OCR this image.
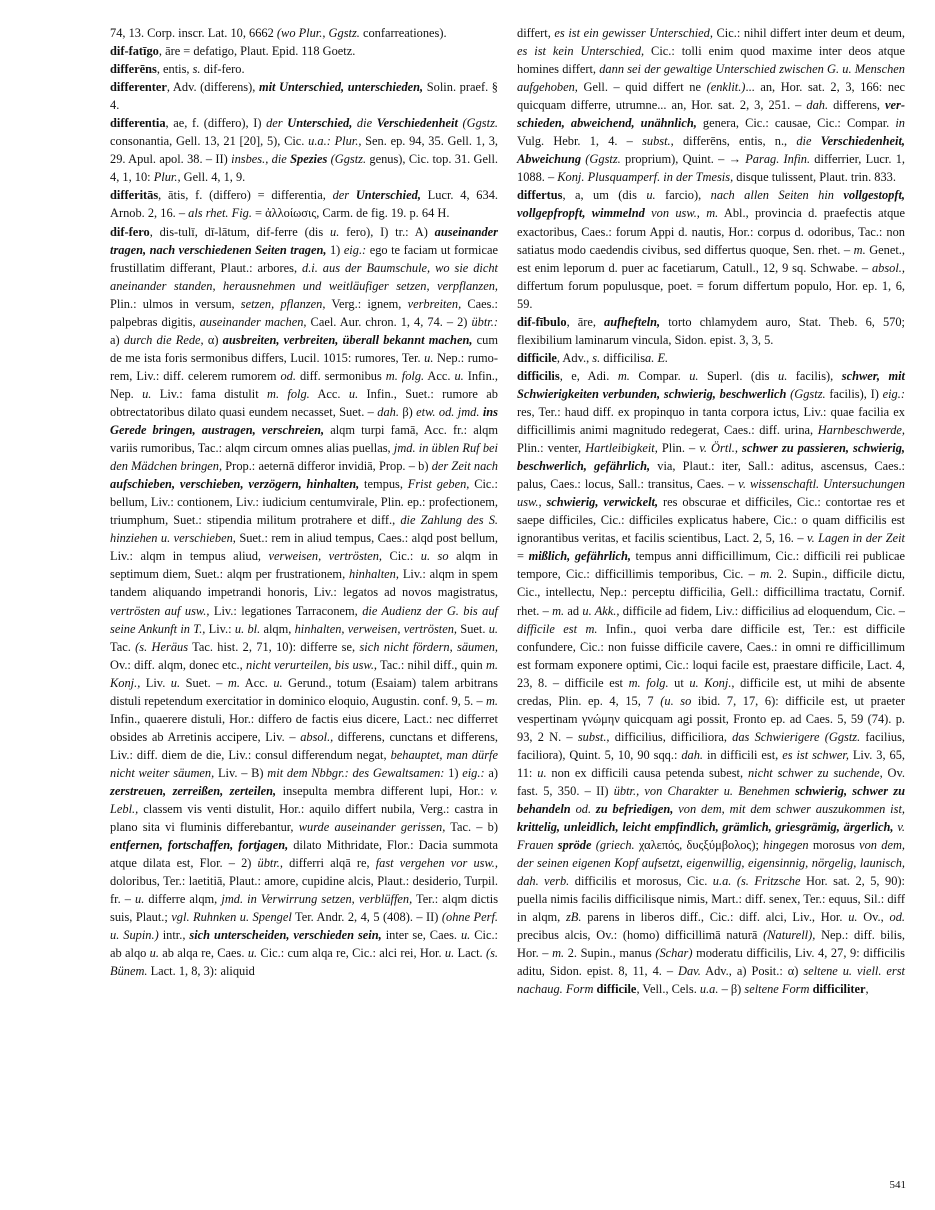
74, 13. Corp. inscr. Lat. 10, 6662 (wo Plur., Ggstz. confarreationes).

dif-fatīgo, āre = defatigo, Plaut. Epid. 118 Goetz.

differēns, entis, s. dif-fero.

differenter, Adv. (differens), mit Unterschied, unterschieden, Solin. praef. § 4.

differentia, ae, f. (differo), I) der Unterschied, die Verschiedenheit (Ggstz. consonantia, Gell. 13, 21 [20], 5), Cic. u.a.: Plur., Sen. ep. 94, 35. Gell. 1, 3, 29. Apul. apol. 38. – II) insbes., die Spezies (Ggstz. genus), Cic. top. 31. Gell. 4, 1, 10: Plur., Gell. 4, 1, 9.

differitās, ātis, f. (differo) = differentia, der Unterschied, Lucr. 4, 634. Arnob. 2, 16. – als rhet. Fig. = ἀλλοίωσις, Carm. de fig. 19. p. 64 H.

dif-fero, dis-tulī, dī-lātum, dif-ferre (dis u. fero), I) tr.: A) auseinander tragen, nach verschiedenen Seiten tragen, 1) eig.: ego te faciam ut formicae frustillatim differant, Plaut.: arbores, d.i. aus der Baumschule, wo sie dicht aneinander standen, herausnehmen und weitläufiger setzen, verpflanzen, Plin.: ulmos in versum, setzen, pflanzen, Verg.: ignem, verbreiten, Caes.: palpebras digitis, auseinander machen, Cael. Aur. chron. 1, 4, 74. – 2) übtr.: a) durch die Rede, α) ausbreiten, verbreiten, überall bekannt machen, cum de me ista foris sermonibus differs, Lucil. 1015: rumores, Ter. u. Nep.: rumorem, Liv.: diff. celerem rumorem od. diff. sermonibus m. folg. Acc. u. Infin., Nep. u. Liv.: fama distulit m. folg. Acc. u. Infin., Suet.: rumore ab obtrectatoribus dilato quasi eundem necasset, Suet. – dah. β) etw. od. jmd. ins Gerede bringen, austragen, verschreien, alqm turpi famā, Acc. fr.: alqm variis rumoribus, Tac.: alqm circum omnes alias puellas, jmd. in üblen Ruf bei den Mädchen bringen, Prop.: aeternā differor invidiā, Prop. – b) der Zeit nach aufschieben, verschieben, verzögern, hinhalten, tempus, Frist geben, Cic.: bellum, Liv.: contionem, Liv.: iudicium centumvirale, Plin. ep.: profectionem, triumphum, Suet.: stipendia militum protrahere et diff., die Zahlung des S. hinziehen u. verschieben, Suet.: rem in aliud tempus, Caes.: alqd post bellum, Liv.: alqm in tempus aliud, verweisen, vertrösten, Cic.: u. so alqm in septimum diem, Suet.: alqm per frustrationem, hinhalten, Liv.: alqm in spem tandem aliquando impetrandi honoris, Liv.: legatos ad novos magistratus, vertrösten auf usw., Liv.: legationes Tarraconem, die Audienz der G. bis auf seine Ankunft in T., Liv.: u. bl. alqm, hinhalten, verweisen, vertrösten, Suet. u. Tac. (s. Heräus Tac. hist. 2, 71, 10): differre se, sich nicht fördern, säumen, Ov.: diff. alqm, donec etc., nicht verurteilen, bis usw., Tac.: nihil diff., quin m. Konj., Liv. u. Suet. – m. Acc. u. Gerund., totum (Esaiam) talem arbitrans distuli repetendum exercitatior in dominico eloquio, Augustin. conf. 9, 5. – m. Infin., quaerere distuli, Hor.: differo de factis eius dicere, Lact.: nec differret obsides ab Arretinis accipere, Liv. – absol., differens, cunctans et differens, Liv.: diff. diem de die, Liv.: consul differendum negat, behauptet, man dürfe nicht weiter säumen, Liv. – B) mit dem Nbbgr.: des Gewaltsamen: 1) eig.: a) zerstreuen, zerreißen, zerteilen, insepulta membra different lupi, Hor.: v. Lebl., classem vis venti distulit, Hor.: aquilo differt nubila, Verg.: castra in plano sita vi fluminis differebantur, wurde auseinander gerissen, Tac. – b) entfernen, fortschaffen, fortjagen, dilato Mithridate, Flor.: Dacia summota atque dilata est, Flor. – 2) übtr., differri alqā re, fast vergehen vor usw., doloribus, Ter.: laetitiā, Plaut.: amore, cupidine alcis, Plaut.: desiderio, Turpil. fr. – u. differre alqm, jmd. in Verwirrung setzen, verblüffen, Ter.: alqm dictis suis, Plaut.; vgl. Ruhnken u. Spengel Ter. Andr. 2, 4, 5 (408). – II) (ohne Perf. u. Supin.) intr., sich unterscheiden, verschieden sein, inter se, Caes. u. Cic.: ab alqo u. ab alqa re, Caes. u. Cic.: cum alqa re, Cic.: alci rei, Hor. u. Lact. (s. Bünem. Lact. 1, 8, 3): aliquid

differt, es ist ein gewisser Unterschied, Cic.: nihil differt inter deum et deum, es ist kein Unterschied, Cic.: tolli enim quod maxime inter deos atque homines differt, dann sei der gewaltige Unterschied zwischen G. u. Menschen aufgehoben, Gell. – quid differt ne (enklit.)... an, Hor. sat. 2, 3, 166: nec quicquam differre, utrumne... an, Hor. sat. 2, 3, 251. – dah. differens, verschieden, abweichend, unähnlich, genera, Cic.: causae, Cic.: Compar. in Vulg. Hebr. 1, 4. – subst., differēns, entis, n., die Verschiedenheit, Abweichung (Ggstz. proprium), Quint. – → Parag. Infin. differrier, Lucr. 1, 1088. – Konj. Plusquamperf. in der Tmesis, disque tulissent, Plaut. trin. 833.

differtus, a, um (dis u. farcio), nach allen Seiten hin vollgestopft, vollgepfropft, wimmelnd von usw., m. Abl., provincia d. praefectis atque exactoribus, Caes.: forum Appi d. nautis, Hor.: corpus d. odoribus, Tac.: non satiatus modo caedendis civibus, sed differtus quoque, Sen. rhet. – m. Genet., est enim leporum d. puer ac facetiarum, Catull., 12, 9 sq. Schwabe. – absol., differtum forum populusque, poet. = forum differtum populo, Hor. ep. 1, 6, 59.

dif-fībulo, āre, aufhefteln, torto chlamydem auro, Stat. Theb. 6, 570; flexibilium laminarum vincula, Sidon. epist. 3, 3, 5.

difficile, Adv., s. difficilisa. E.

difficilis, e, Adi. m. Compar. u. Superl. (dis u. facilis), schwer, mit Schwierigkeiten verbunden, schwierig, beschwerlich (Ggstz. facilis), I) eig.: res, Ter.: haud diff. ex propinquo in tanta corpora ictus, Liv.: quae facilia ex difficillimis animi magnitudo redegerat, Caes.: diff. urina, Harnbeschwerde, Plin.: venter, Hartleibigkeit, Plin. – v. Örtl., schwer zu passieren, schwierig, beschwerlich, gefährlich, via, Plaut.: iter, Sall.: aditus, ascensus, Caes.: palus, Caes.: locus, Sall.: transitus, Caes. – v. wissenschaftl. Untersuchungen usw., schwierig, verwickelt, res obscurae et difficiles, Cic.: contortae res et saepe difficiles, Cic.: difficiles explicatus habere, Cic.: o quam difficilis est ignorantibus veritas, et facilis scientibus, Lact. 2, 5, 16. – v. Lagen in der Zeit = mißlich, gefährlich, tempus anni difficillimum, Cic.: difficili rei publicae tempore, Cic.: difficillimis temporibus, Cic. – m. 2. Supin., difficile dictu, Cic., intellectu, Nep.: perceptu difficilia, Gell.: difficillima tractatu, Cornif. rhet. – m. ad u. Akk., difficile ad fidem, Liv.: difficilius ad eloquendum, Cic. – difficile est m. Infin., quoi verba dare difficile est, Ter.: est difficile confundere, Cic.: non fuisse difficile cavere, Caes.: in omni re difficillimum est formam exponere optimi, Cic.: loqui facile est, praestare difficile, Lact. 4, 23, 8. – difficile est m. folg. ut u. Konj., difficile est, ut mihi de absente credas, Plin. ep. 4, 15, 7 (u. so ibid. 7, 17, 6): difficile est, ut praeter vespertinam γνώμην quicquam agi possit, Fronto ep. ad Caes. 5, 59 (74). p. 93, 2 N. – subst., difficilius, difficiliora, das Schwierigere (Ggstz. facilius, faciliora), Quint. 5, 10, 90 sqq.: dah. in difficili est, es ist schwer, Liv. 3, 65, 11: u. non ex difficili causa petenda subest, nicht schwer zu suchende, Ov. fast. 5, 350. – II) übtr., von Charakter u. Benehmen schwierig, schwer zu behandeln od. zu befriedigen, von dem, mit dem schwer auszukommen ist, krittelig, unleidlich, leicht empfindlich, grämlich, griesgrämig, ärgerlich, v. Frauen spröde (griech. χαλεπός, δυςξύμβολος); hingegen morosus von dem, der seinen eigenen Kopf aufsetzt, eigenwillig, eigensinnig, nörgelig, launisch, dah. verb. difficilis et morosus, Cic. u.a. (s. Fritzsche Hor. sat. 2, 5, 90): puella nimis facilis difficilisque nimis, Mart.: diff. senex, Ter.: equus, Sil.: diff in alqm, zB. parens in liberos diff., Cic.: diff. alci, Liv., Hor. u. Ov., od. precibus alcis, Ov.: (homo) difficillimā naturā (Naturell), Nep.: diff. bilis, Hor. – m. 2. Supin., manus (Schar) moderatu difficilis, Liv. 4, 27, 9: difficilis aditu, Sidon. epist. 8, 11, 4. – Dav. Adv., a) Posit.: α) seltene u. viell. erst nachaug. Form difficile, Vell., Cels. u.a. – β) seltene Form difficiliter,

541
